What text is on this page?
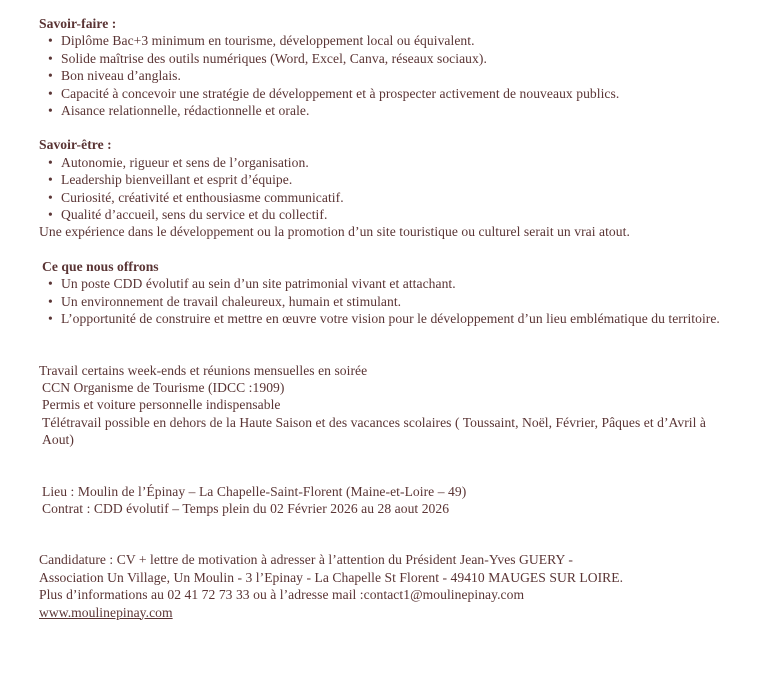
Savoir-faire :

• Diplôme Bac+3 minimum en tourisme, développement local ou équivalent.
• Solide maîtrise des outils numériques (Word, Excel, Canva, réseaux sociaux).
• Bon niveau d’anglais.
• Capacité à concevoir une stratégie de développement et à prospecter activement de nouveaux publics.
• Aisance relationnelle, rédactionnelle et orale.

Savoir-être :

• Autonomie, rigueur et sens de l’organisation.
• Leadership bienveillant et esprit d’équipe.
• Curiosité, créativité et enthousiasme communicatif.
• Qualité d’accueil, sens du service et du collectif.

Une expérience dans le développement ou la promotion d’un site touristique ou culturel serait un vrai atout.

Ce que nous offrons

• Un poste CDD évolutif au sein d’un site patrimonial vivant et attachant.
• Un environnement de travail chaleureux, humain et stimulant.
• L’opportunité de construire et mettre en œuvre votre vision pour le développement d’un lieu emblématique du territoire.

Travail certains week-ends et réunions mensuelles en soirée

CCN Organisme de Tourisme (IDCC :1909)

Permis et voiture personnelle indispensable

Télétravail possible en dehors de la Haute Saison et des vacances scolaires ( Toussaint, Noël, Février, Pâques et d’Avril à Aout)

Lieu : Moulin de l’Épinay – La Chapelle-Saint-Florent (Maine-et-Loire – 49)

Contrat : CDD évolutif – Temps plein du 02 Février 2026 au 28 aout 2026

Candidature : CV + lettre de motivation à adresser à l’attention du Président Jean-Yves GUERY -

Association Un Village, Un Moulin - 3 l’Epinay - La Chapelle St Florent - 49410 MAUGES SUR LOIRE.

Plus d’informations au 02 41 72 73 33 ou à l’adresse mail :contact1@moulinepinay.com

www.moulinepinay.com
